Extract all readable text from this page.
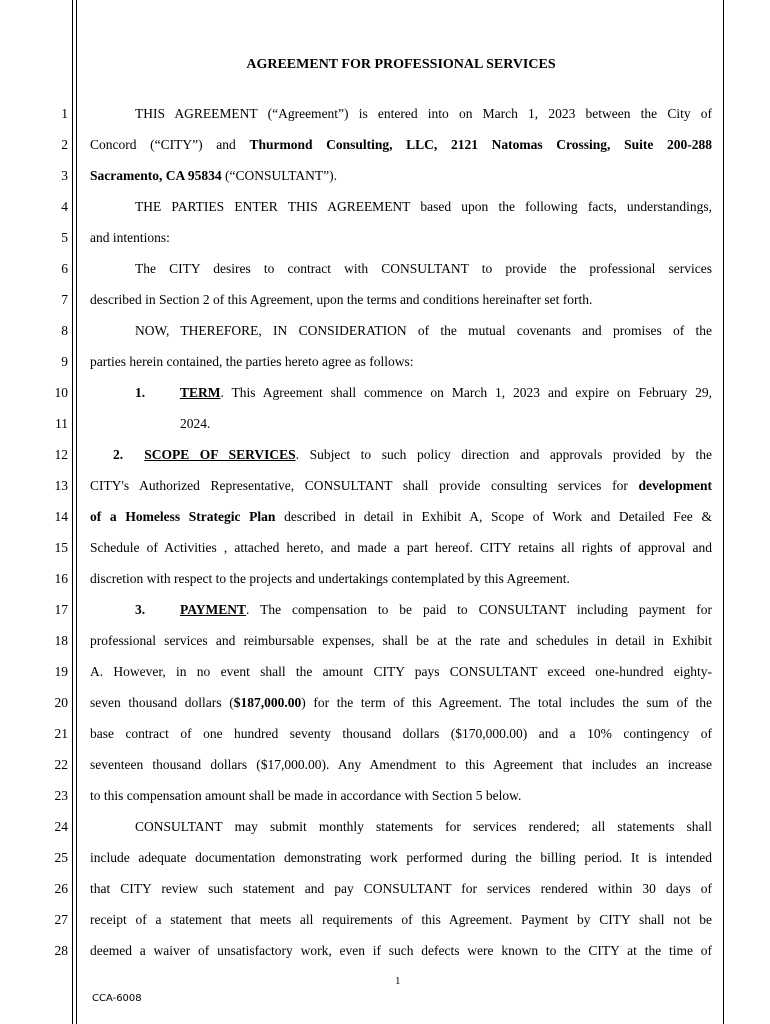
AGREEMENT FOR PROFESSIONAL SERVICES
1
2
3
4
5
6
7
8
9
10
11
12
13
14
15
16
17
18
19
20
21
22
23
24
25
26
27
28
THIS AGREEMENT (“Agreement”) is entered into on March 1, 2023 between the City of
Concord (“CITY”) and Thurmond Consulting, LLC, 2121 Natomas Crossing, Suite 200-288
Sacramento, CA 95834 (“CONSULTANT”).
THE PARTIES ENTER THIS AGREEMENT based upon the following facts, understandings,
and intentions:
The CITY desires to contract with CONSULTANT to provide the professional services
described in Section 2 of this Agreement, upon the terms and conditions hereinafter set forth.
NOW, THEREFORE, IN CONSIDERATION of the mutual covenants and promises of the
parties herein contained, the parties hereto agree as follows:
1.	TERM. This Agreement shall commence on March 1, 2023 and expire on February 29,
2024.
2. SCOPE OF SERVICES. Subject to such policy direction and approvals provided by the
CITY's Authorized Representative, CONSULTANT shall provide consulting services for development
of a Homeless Strategic Plan described in detail in Exhibit A, Scope of Work and Detailed Fee &
Schedule of Activities , attached hereto, and made a part hereof. CITY retains all rights of approval and
discretion with respect to the projects and undertakings contemplated by this Agreement.
3.	PAYMENT. The compensation to be paid to CONSULTANT including payment for
professional services and reimbursable expenses, shall be at the rate and schedules in detail in Exhibit
A. However, in no event shall the amount CITY pays CONSULTANT exceed one-hundred eighty-
seven thousand dollars ($187,000.00) for the term of this Agreement. The total includes the sum of the
base contract of one hundred seventy thousand dollars ($170,000.00) and a 10% contingency of
seventeen thousand dollars ($17,000.00). Any Amendment to this Agreement that includes an increase
to this compensation amount shall be made in accordance with Section 5 below.
CONSULTANT may submit monthly statements for services rendered; all statements shall
include adequate documentation demonstrating work performed during the billing period. It is intended
that CITY review such statement and pay CONSULTANT for services rendered within 30 days of
receipt of a statement that meets all requirements of this Agreement. Payment by CITY shall not be
deemed a waiver of unsatisfactory work, even if such defects were known to the CITY at the time of
1
CCA-6008
